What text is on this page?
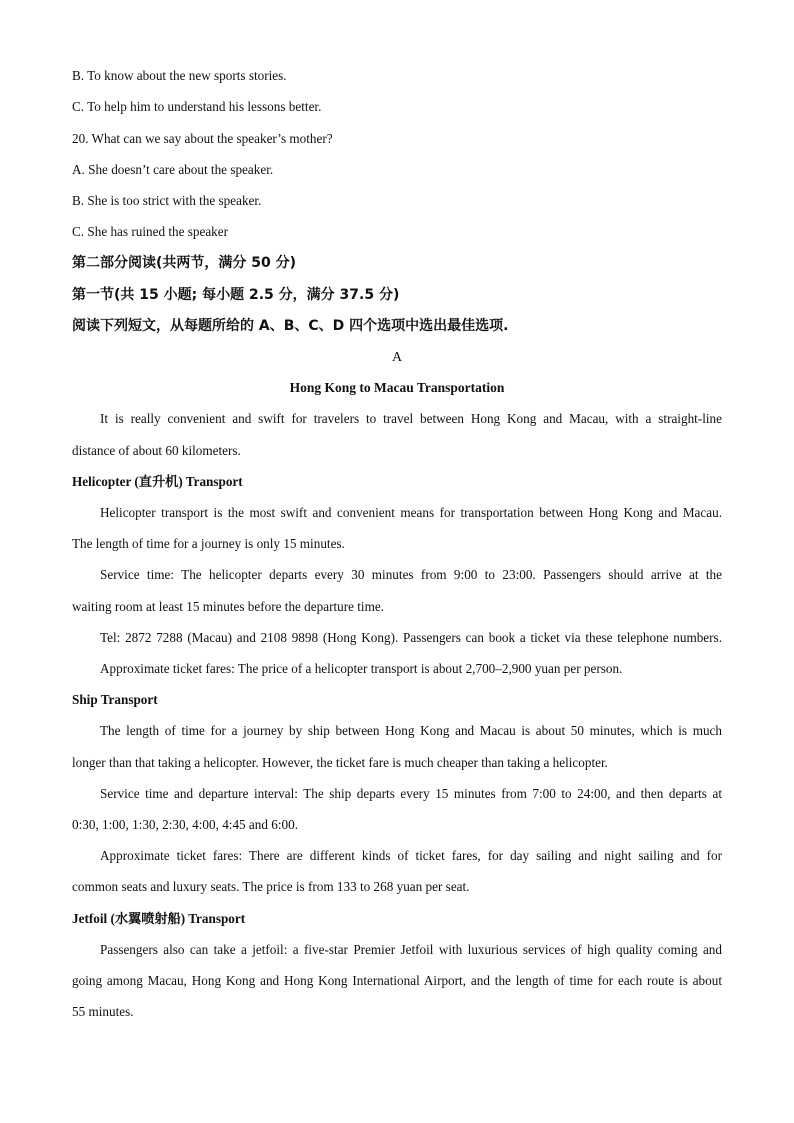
B. To know about the new sports stories.
C. To help him to understand his lessons better.
20. What can we say about the speaker’s mother?
A. She doesn’t care about the speaker.
B. She is too strict with the speaker.
C. She has ruined the speaker
第二部分阅读(共两节，满分 50 分)
第一节(共 15 小题; 每小题 2.5 分，满分 37.5 分)
阅读下列短文，从每题所给的 A、B、C、D 四个选项中选出最佳选项.
A
Hong Kong to Macau Transportation
It is really convenient and swift for travelers to travel between Hong Kong and Macau, with a straight-line
distance of about 60 kilometers.
Helicopter (直升机) Transport
Helicopter transport is the most swift and convenient means for transportation between Hong Kong and Macau.
The length of time for a journey is only 15 minutes.
Service time: The helicopter departs every 30 minutes from 9:00 to 23:00. Passengers should arrive at the
waiting room at least 15 minutes before the departure time.
Tel: 2872 7288 (Macau) and 2108 9898 (Hong Kong). Passengers can book a ticket via these telephone numbers.
Approximate ticket fares: The price of a helicopter transport is about 2,700–2,900 yuan per person.
Ship Transport
The length of time for a journey by ship between Hong Kong and Macau is about 50 minutes, which is much
longer than that taking a helicopter. However, the ticket fare is much cheaper than taking a helicopter.
Service time and departure interval: The ship departs every 15 minutes from 7:00 to 24:00, and then departs at
0:30, 1:00, 1:30, 2:30, 4:00, 4:45 and 6:00.
Approximate ticket fares: There are different kinds of ticket fares, for day sailing and night sailing and for
common seats and luxury seats. The price is from 133 to 268 yuan per seat.
Jetfoil (水翼喷射船) Transport
Passengers also can take a jetfoil: a five-star Premier Jetfoil with luxurious services of high quality coming and
going among Macau, Hong Kong and Hong Kong International Airport, and the length of time for each route is about
55 minutes.
